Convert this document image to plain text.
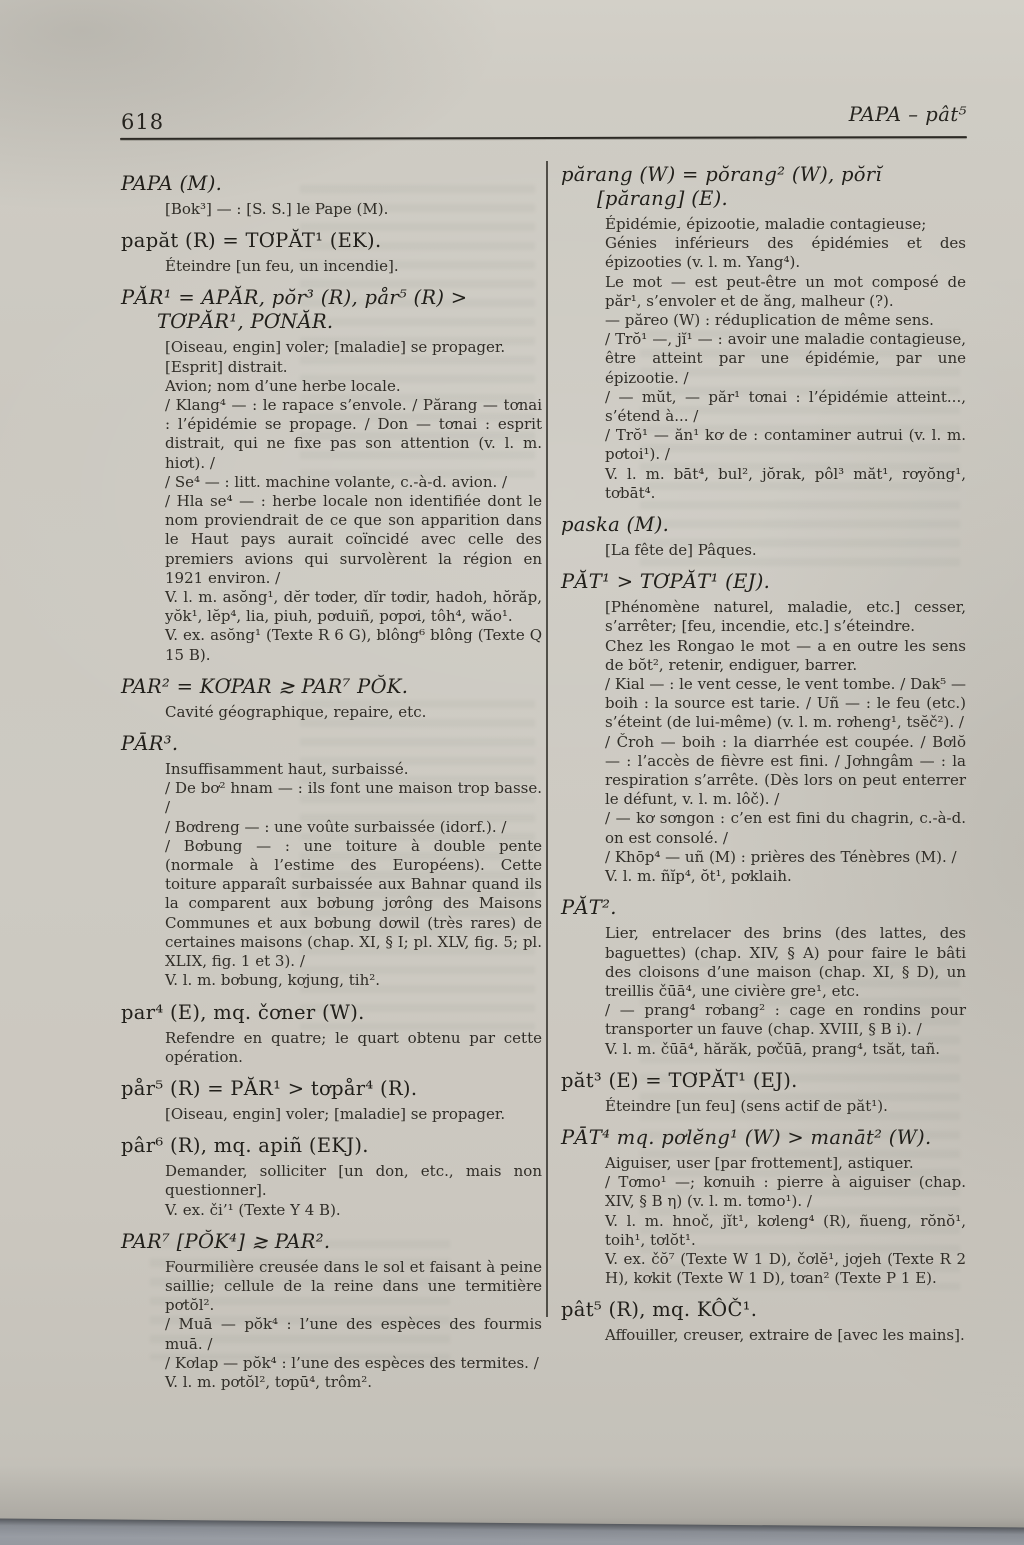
618	PAPA – pât⁵
PAPA (M).

[Bok³] — : [S. S.] le Pape (M).

papăt (R) = TƠPĂT¹ (EK).

Éteindre [un feu, un incendie].

PĂR¹ = APĂR, pŏr³ (R), pår⁵ (R) > TƠPĂR¹, PƠNĂR.

[Oiseau, engin] voler; [maladie] se propager.

[Esprit] distrait.

Avion; nom d’une herbe locale.

/ Klang⁴ — : le rapace s’envole. / Părang — tơnai : l’épidémie se propage. / Don — tơnai : esprit distrait, qui ne fixe pas son attention (v. l. m. hiơt). /

/ Se⁴ — : litt. machine volante, c.-à-d. avion. /

/ Hla se⁴ — : herbe locale non identifiée dont le nom proviendrait de ce que son apparition dans le Haut pays aurait coïncidé avec celle des premiers avions qui survolèrent la région en 1921 environ. /

V. l. m. asŏng¹, dĕr tơder, dĭr tơdir, hadoh, hŏrăp, yŏk¹, lĕp⁴, lia, piuh, pơduiñ, pơpơi, tôh⁴, wăo¹.

V. ex. asŏng¹ (Texte R 6 G), blông⁶ blông (Texte Q 15 B).

PAR² = KƠPAR ≳ PAR⁷ PŎK.

Cavité géographique, repaire, etc.

PĀR³.

Insuffisamment haut, surbaissé.

/ De bơ² hnam — : ils font une maison trop basse. /

/ Bơdreng — : une voûte surbaissée (idorf.). /

/ Bơbung — : une toiture à double pente (normale à l’estime des Européens). Cette toiture apparaît surbaissée aux Bahnar quand ils la comparent aux bơbung jơrông des Maisons Communes et aux bơbung dơwil (très rares) de certaines maisons (chap. XI, § I; pl. XLV, fig. 5; pl. XLIX, fig. 1 et 3). /

V. l. m. bơbung, kơjung, tih².

par⁴ (E), mq. čơner (W).

Refendre en quatre; le quart obtenu par cette opération.

pår⁵ (R) = PĂR¹ > tơpår⁴ (R).

[Oiseau, engin] voler; [maladie] se propager.

pâr⁶ (R), mq. apiñ (EKJ).

Demander, solliciter [un don, etc., mais non questionner].

V. ex. či’¹ (Texte Y 4 B).

PAR⁷ [PŎK⁴] ≳ PAR².

Fourmilière creusée dans le sol et faisant à peine saillie; cellule de la reine dans une termitière pơtŏl².

/ Muā — pŏk⁴ : l’une des espèces des fourmis muā. /

/ Kơlap — pŏk⁴ : l’une des espèces des termites. /

V. l. m. pơtŏl², tơpū⁴, trôm².

părang (W) = pŏrang² (W), pŏrĭ [părang] (E).

Épidémie, épizootie, maladie contagieuse;

Génies inférieurs des épidémies et des épizooties (v. l. m. Yang⁴).

Le mot — est peut-être un mot composé de păr¹, s’envoler et de ăng, malheur (?).

— păreo (W) : réduplication de même sens.

/ Trŏ¹ —, jĭ¹ — : avoir une maladie contagieuse, être atteint par une épidémie, par une épizootie. /

/ — mŭt, — păr¹ tơnai : l’épidémie atteint..., s’étend à... /

/ Trŏ¹ — ăn¹ kơ de : contaminer autrui (v. l. m. pơtoi¹). /

V. l. m. bāt⁴, bul², jŏrak, pôl³ măt¹, rơyŏng¹, tơbāt⁴.

paska (M).

[La fête de] Pâques.

PĂT¹ > TƠPĂT¹ (EJ).

[Phénomène naturel, maladie, etc.] cesser, s’arrêter; [feu, incendie, etc.] s’éteindre.

Chez les Rongao le mot — a en outre les sens de bŏt², retenir, endiguer, barrer.

/ Kial — : le vent cesse, le vent tombe. / Dak⁵ — boih : la source est tarie. / Uñ — : le feu (etc.) s’éteint (de lui-même) (v. l. m. rơheng¹, tsĕč²). /

/ Čroh — boih : la diarrhée est coupée. / Bơlŏ — : l’accès de fièvre est fini. / Jơhngâm — : la respiration s’arrête. (Dès lors on peut enterrer le défunt, v. l. m. lôč). /

/ — kơ sơngon : c’en est fini du chagrin, c.-à-d. on est consolé. /

/ Khōp⁴ — uñ (M) : prières des Ténèbres (M). /

V. l. m. ñĭp⁴, ŏt¹, pơklaih.

PĂT².

Lier, entrelacer des brins (des lattes, des baguettes) (chap. XIV, § A) pour faire le bâti des cloisons d’une maison (chap. XI, § D), un treillis čūā⁴, une civière gre¹, etc.

/ — prang⁴ rơbang² : cage en rondins pour transporter un fauve (chap. XVIII, § B i). /

V. l. m. čūā⁴, hărăk, pơčūā, prang⁴, tsăt, tañ.

păt³ (E) = TƠPĂT¹ (EJ).

Éteindre [un feu] (sens actif de păt¹).

PĀT⁴ mq. pơlĕng¹ (W) > manāt² (W).

Aiguiser, user [par frottement], astiquer.

/ Tơmo¹ —; kơnuih : pierre à aiguiser (chap. XIV, § B η) (v. l. m. tơmo¹). /

V. l. m. hnoč, jĭt¹, kơleng⁴ (R), ñueng, rŏnŏ¹, toih¹, tơlŏt¹.

V. ex. čŏ⁷ (Texte W 1 D), čơlĕ¹, jơjeh (Texte R 2 H), kơkit (Texte W 1 D), tơan² (Texte P 1 E).

pât⁵ (R), mq. KÔČ¹.

Affouiller, creuser, extraire de [avec les mains].
